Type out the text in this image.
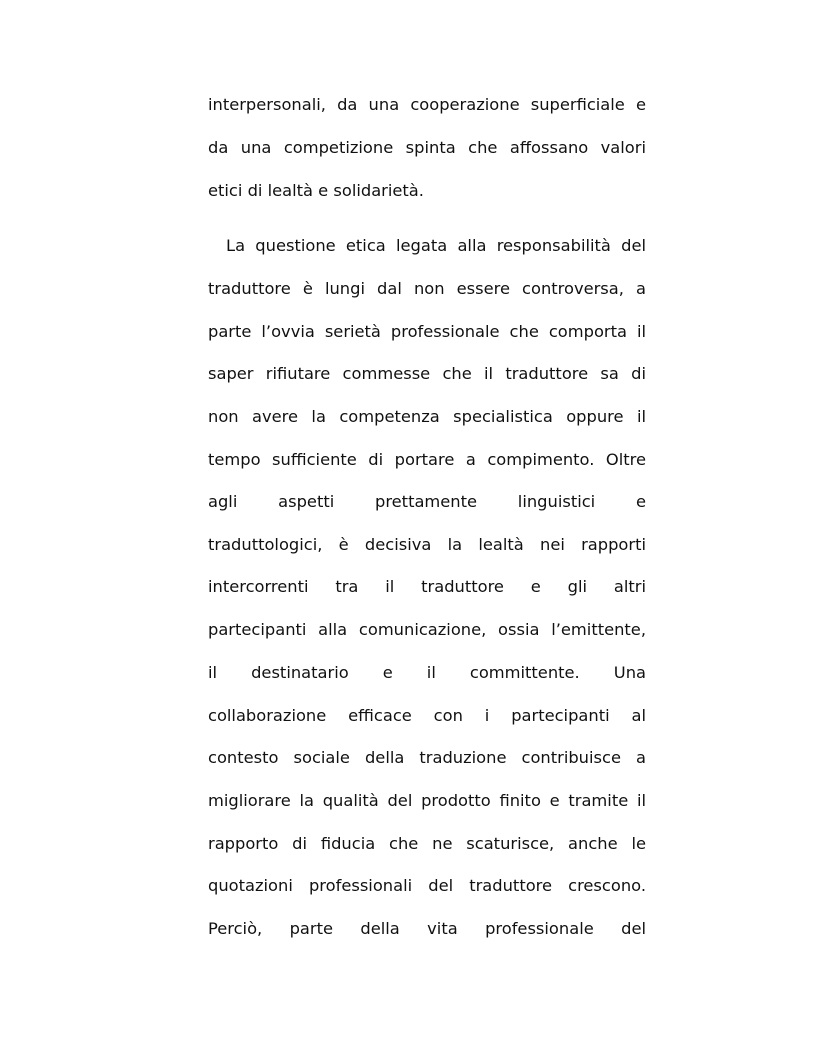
interpersonali, da una cooperazione superficiale e
da una competizione spinta che affossano valori
etici di lealtà e solidarietà.
La questione etica legata alla responsabilità del
traduttore è lungi dal non essere controversa, a
parte l’ovvia serietà professionale che comporta il
saper rifiutare commesse che il traduttore sa di
non avere la competenza specialistica oppure il
tempo sufficiente di portare a compimento. Oltre
agli aspetti prettamente linguistici e
traduttologici, è decisiva la lealtà nei rapporti
intercorrenti tra il traduttore e gli altri
partecipanti alla comunicazione, ossia l’emittente,
il destinatario e il committente. Una
collaborazione efficace con i partecipanti al
contesto sociale della traduzione contribuisce a
migliorare la qualità del prodotto finito e tramite il
rapporto di fiducia che ne scaturisce, anche le
quotazioni professionali del traduttore crescono.
Perciò, parte della vita professionale del
